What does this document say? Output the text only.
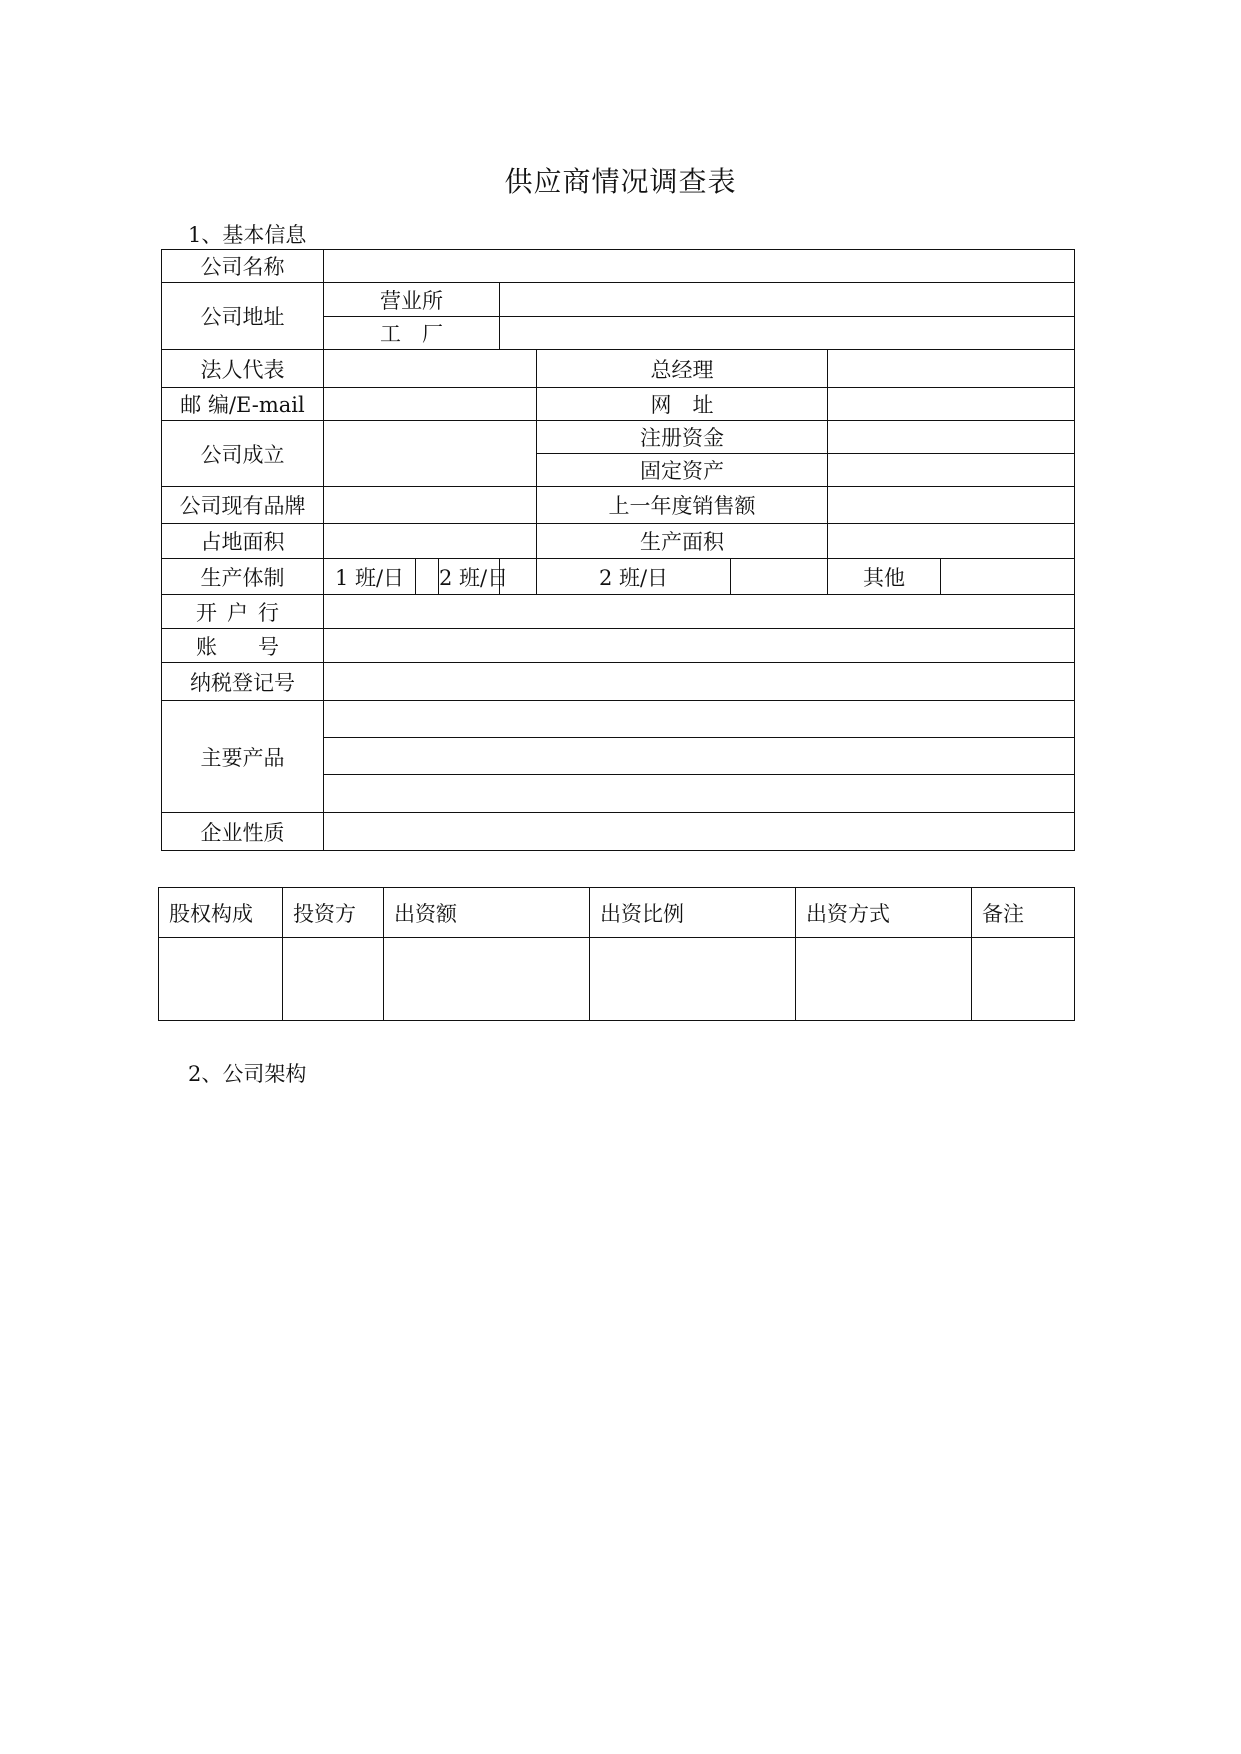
供应商情况调查表
1、基本信息
公司名称								
公司地址	营业所							
	工　厂							
法人代表					总经理			
邮 编/E-mail					网　址			
公司成立					注册资金			
					固定资产			
公司现有品牌					上一年度销售额			
占地面积					生产面积			
生产体制	1 班/日		2 班/日		2 班/日		其他	
开户行								
账　号								
纳税登记号								
主要产品								

企业性质								
股权构成	投资方	出资额	出资比例	出资方式	备注

2、公司架构
